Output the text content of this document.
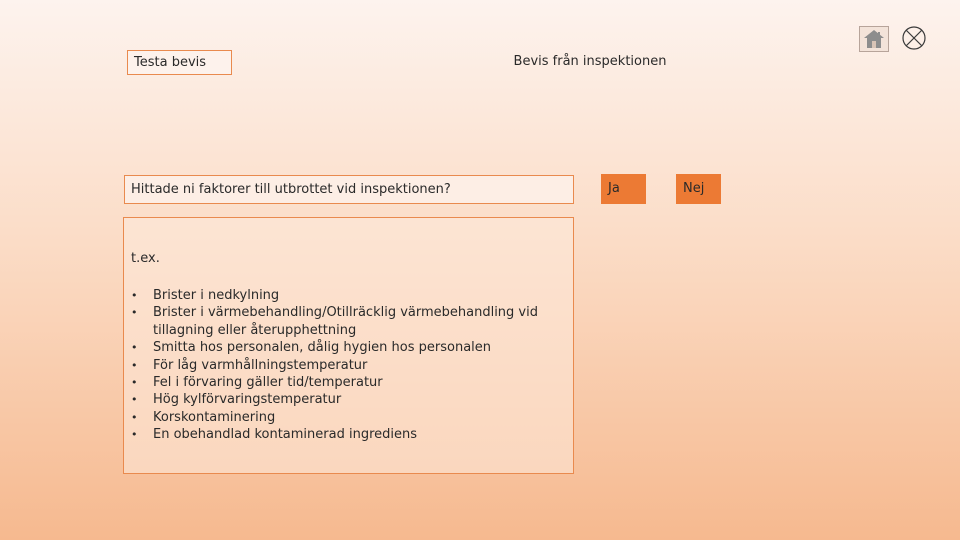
Testa bevis	Bevis från inspektionen
Hittade ni faktorer till utbrottet vid inspektionen?	Ja	Nej
t.ex.
• Brister i nedkylning
• Brister i värmebehandling/Otillräcklig värmebehandling vid tillagning eller återupphettning
• Smitta hos personalen, dålig hygien hos personalen
• För låg varmhållningstemperatur
• Fel i förvaring gäller tid/temperatur
• Hög kylförvaringstemperatur
• Korskontaminering
• En obehandlad kontaminerad ingrediens
